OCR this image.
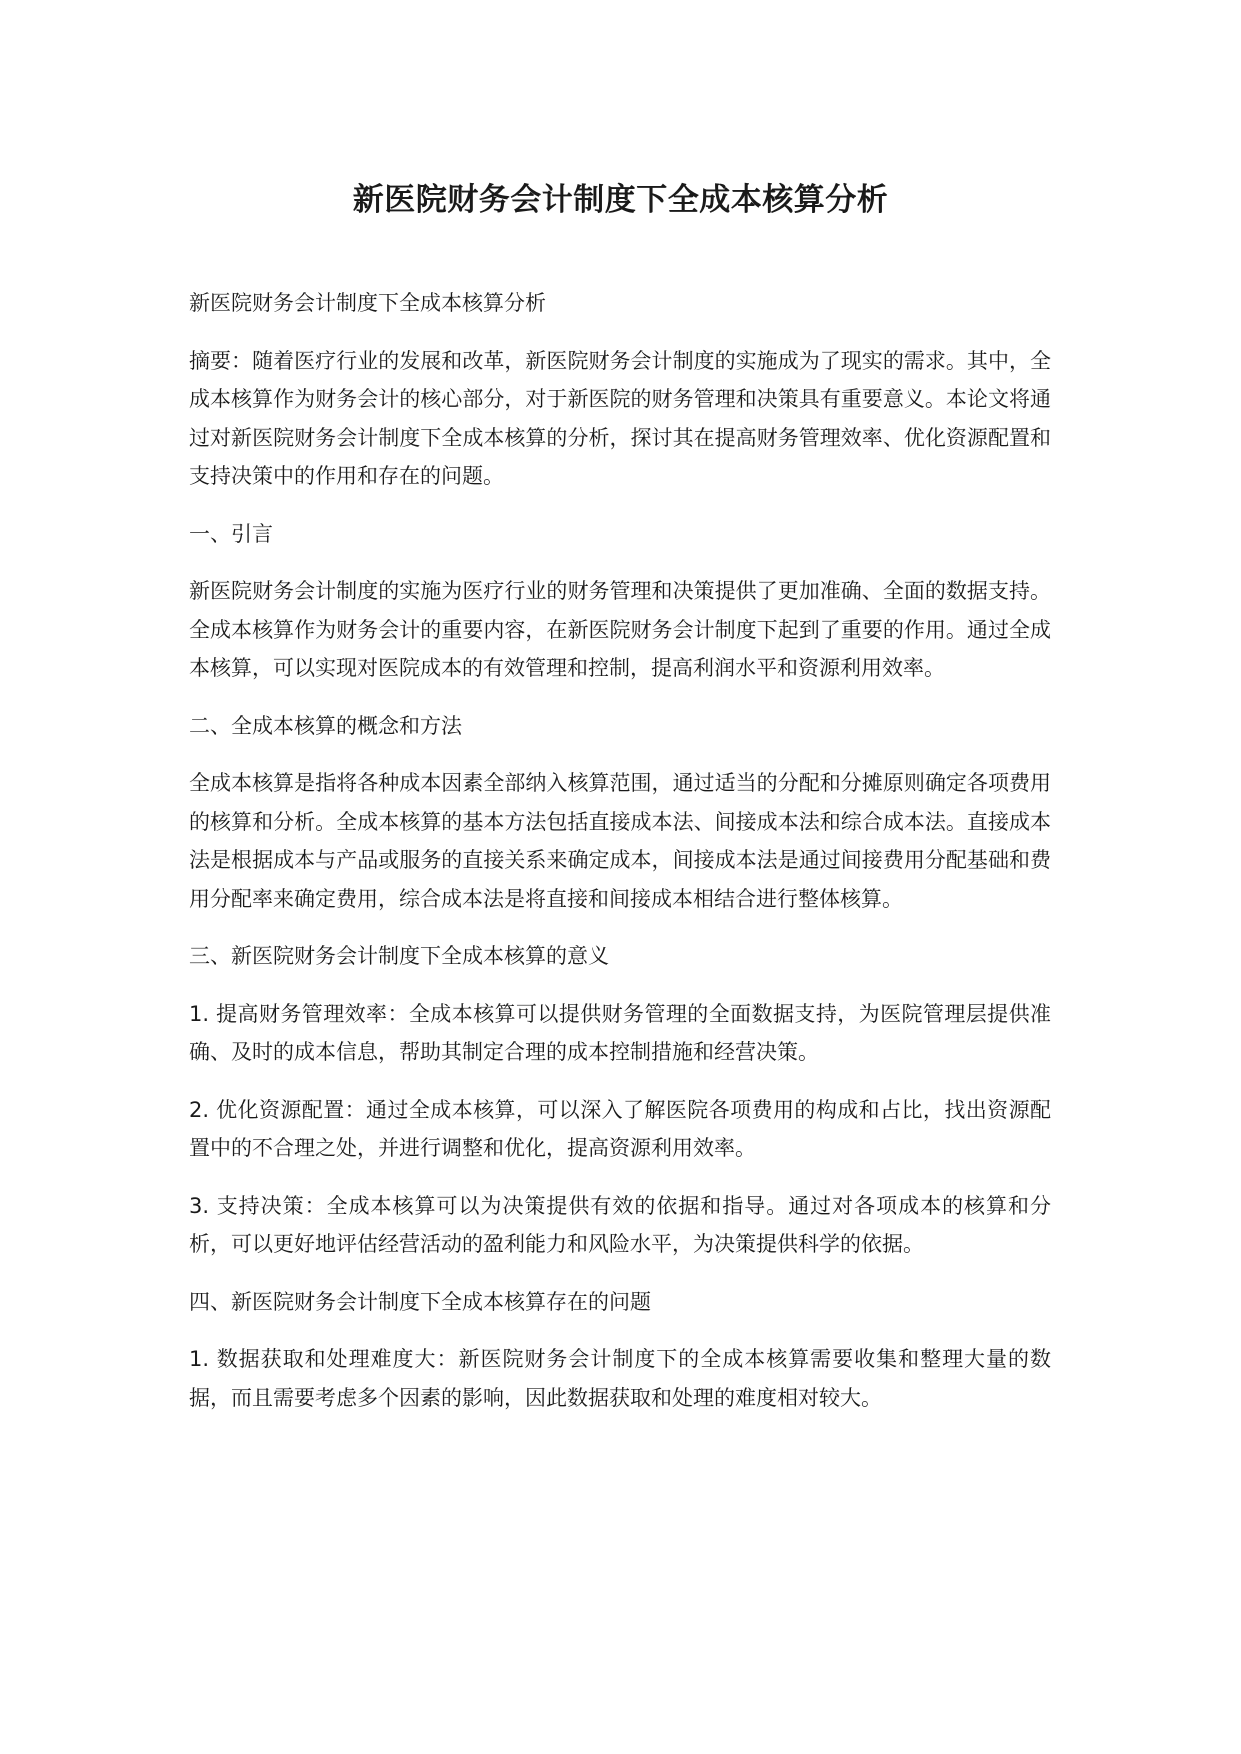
新医院财务会计制度下全成本核算分析

新医院财务会计制度下全成本核算分析

摘要：随着医疗行业的发展和改革，新医院财务会计制度的实施成为了现实的需求。其中，全成本核算作为财务会计的核心部分，对于新医院的财务管理和决策具有重要意义。本论文将通过对新医院财务会计制度下全成本核算的分析，探讨其在提高财务管理效率、优化资源配置和支持决策中的作用和存在的问题。

一、引言

新医院财务会计制度的实施为医疗行业的财务管理和决策提供了更加准确、全面的数据支持。全成本核算作为财务会计的重要内容，在新医院财务会计制度下起到了重要的作用。通过全成本核算，可以实现对医院成本的有效管理和控制，提高利润水平和资源利用效率。

二、全成本核算的概念和方法

全成本核算是指将各种成本因素全部纳入核算范围，通过适当的分配和分摊原则确定各项费用的核算和分析。全成本核算的基本方法包括直接成本法、间接成本法和综合成本法。直接成本法是根据成本与产品或服务的直接关系来确定成本，间接成本法是通过间接费用分配基础和费用分配率来确定费用，综合成本法是将直接和间接成本相结合进行整体核算。

三、新医院财务会计制度下全成本核算的意义

1. 提高财务管理效率：全成本核算可以提供财务管理的全面数据支持，为医院管理层提供准确、及时的成本信息，帮助其制定合理的成本控制措施和经营决策。

2. 优化资源配置：通过全成本核算，可以深入了解医院各项费用的构成和占比，找出资源配置中的不合理之处，并进行调整和优化，提高资源利用效率。

3. 支持决策：全成本核算可以为决策提供有效的依据和指导。通过对各项成本的核算和分析，可以更好地评估经营活动的盈利能力和风险水平，为决策提供科学的依据。

四、新医院财务会计制度下全成本核算存在的问题

1. 数据获取和处理难度大：新医院财务会计制度下的全成本核算需要收集和整理大量的数据，而且需要考虑多个因素的影响，因此数据获取和处理的难度相对较大。
